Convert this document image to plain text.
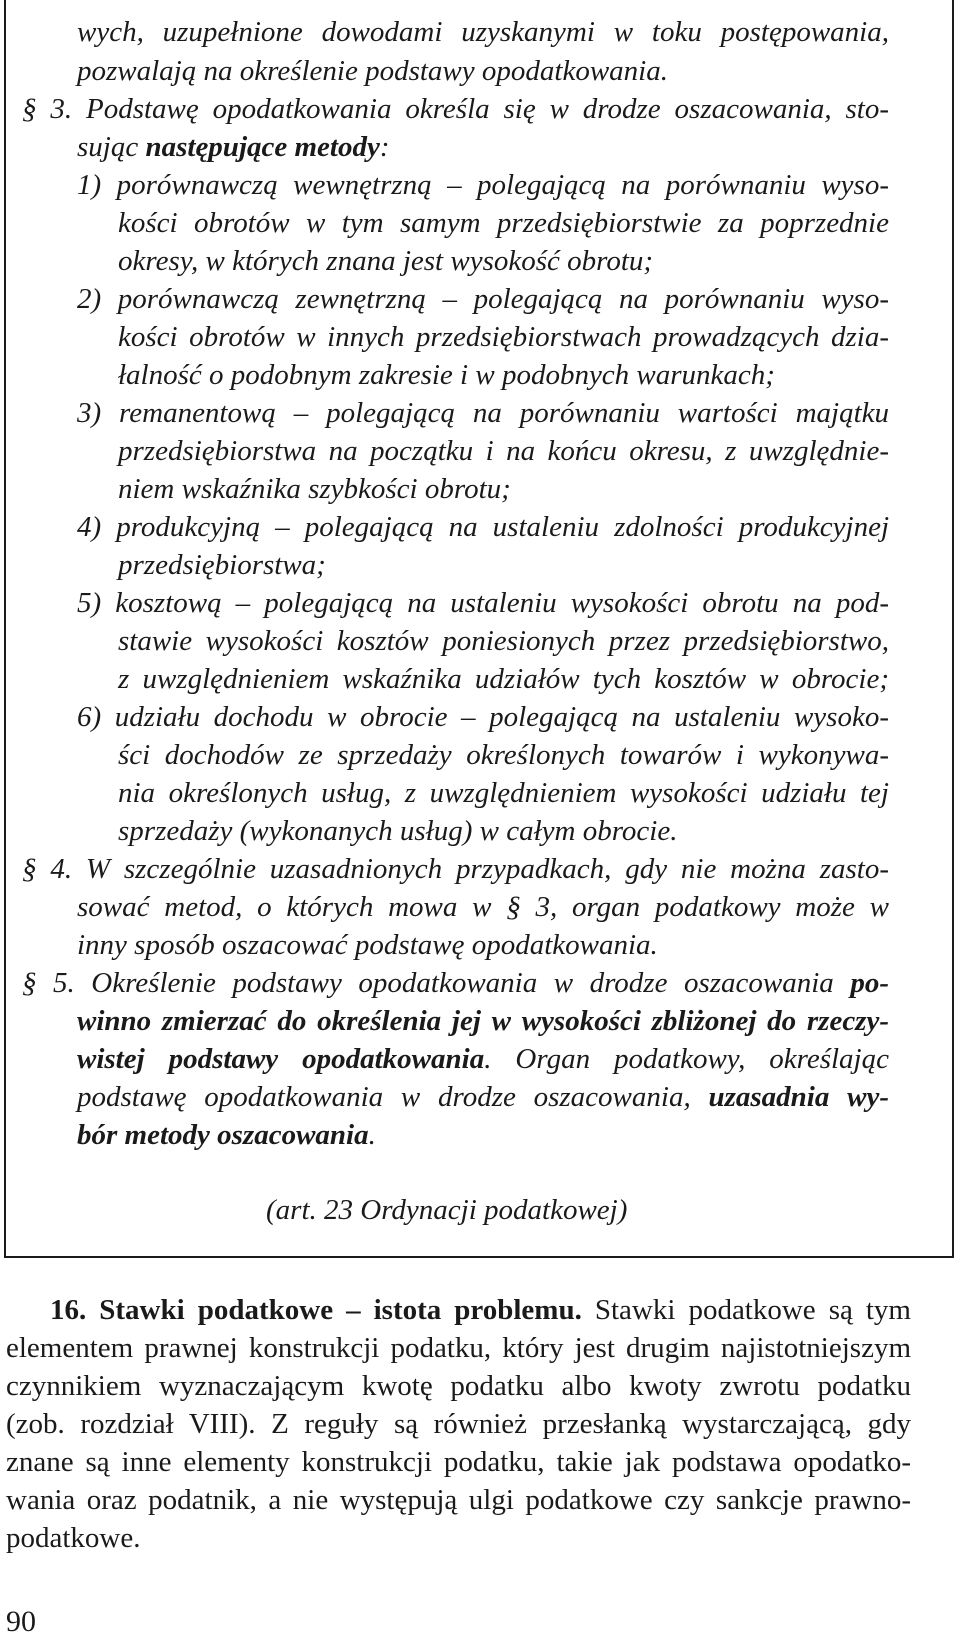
wych, uzupełnione dowodami uzyskanymi w toku postępowania,
pozwalają na określenie podstawy opodatkowania.
§ 3. Podstawę opodatkowania określa się w drodze oszacowania, sto-
sując następujące metody:
1) porównawczą wewnętrzną – polegającą na porównaniu wyso-
kości obrotów w tym samym przedsiębiorstwie za poprzednie
okresy, w których znana jest wysokość obrotu;
2) porównawczą zewnętrzną – polegającą na porównaniu wyso-
kości obrotów w innych przedsiębiorstwach prowadzących dzia-
łalność o podobnym zakresie i w podobnych warunkach;
3) remanentową – polegającą na porównaniu wartości majątku
przedsiębiorstwa na początku i na końcu okresu, z uwzględnie-
niem wskaźnika szybkości obrotu;
4) produkcyjną – polegającą na ustaleniu zdolności produkcyjnej
przedsiębiorstwa;
5) kosztową – polegającą na ustaleniu wysokości obrotu na pod-
stawie wysokości kosztów poniesionych przez przedsiębiorstwo,
z uwzględnieniem wskaźnika udziałów tych kosztów w obrocie;
6) udziału dochodu w obrocie – polegającą na ustaleniu wysoko-
ści dochodów ze sprzedaży określonych towarów i wykonywa-
nia określonych usług, z uwzględnieniem wysokości udziału tej
sprzedaży (wykonanych usług) w całym obrocie.
§ 4. W szczególnie uzasadnionych przypadkach, gdy nie można zasto-
sować metod, o których mowa w § 3, organ podatkowy może w
inny sposób oszacować podstawę opodatkowania.
§ 5. Określenie podstawy opodatkowania w drodze oszacowania po-
winno zmierzać do określenia jej w wysokości zbliżonej do rzeczy-
wistej podstawy opodatkowania. Organ podatkowy, określając
podstawę opodatkowania w drodze oszacowania, uzasadnia wy-
bór metody oszacowania.
(art. 23 Ordynacji podatkowej)
16. Stawki podatkowe – istota problemu. Stawki podatkowe są tym
elementem prawnej konstrukcji podatku, który jest drugim najistotniejszym
czynnikiem wyznaczającym kwotę podatku albo kwoty zwrotu podatku
(zob. rozdział VIII). Z reguły są również przesłanką wystarczającą, gdy
znane są inne elementy konstrukcji podatku, takie jak podstawa opodatko-
wania oraz podatnik, a nie występują ulgi podatkowe czy sankcje prawno-
podatkowe.
90
